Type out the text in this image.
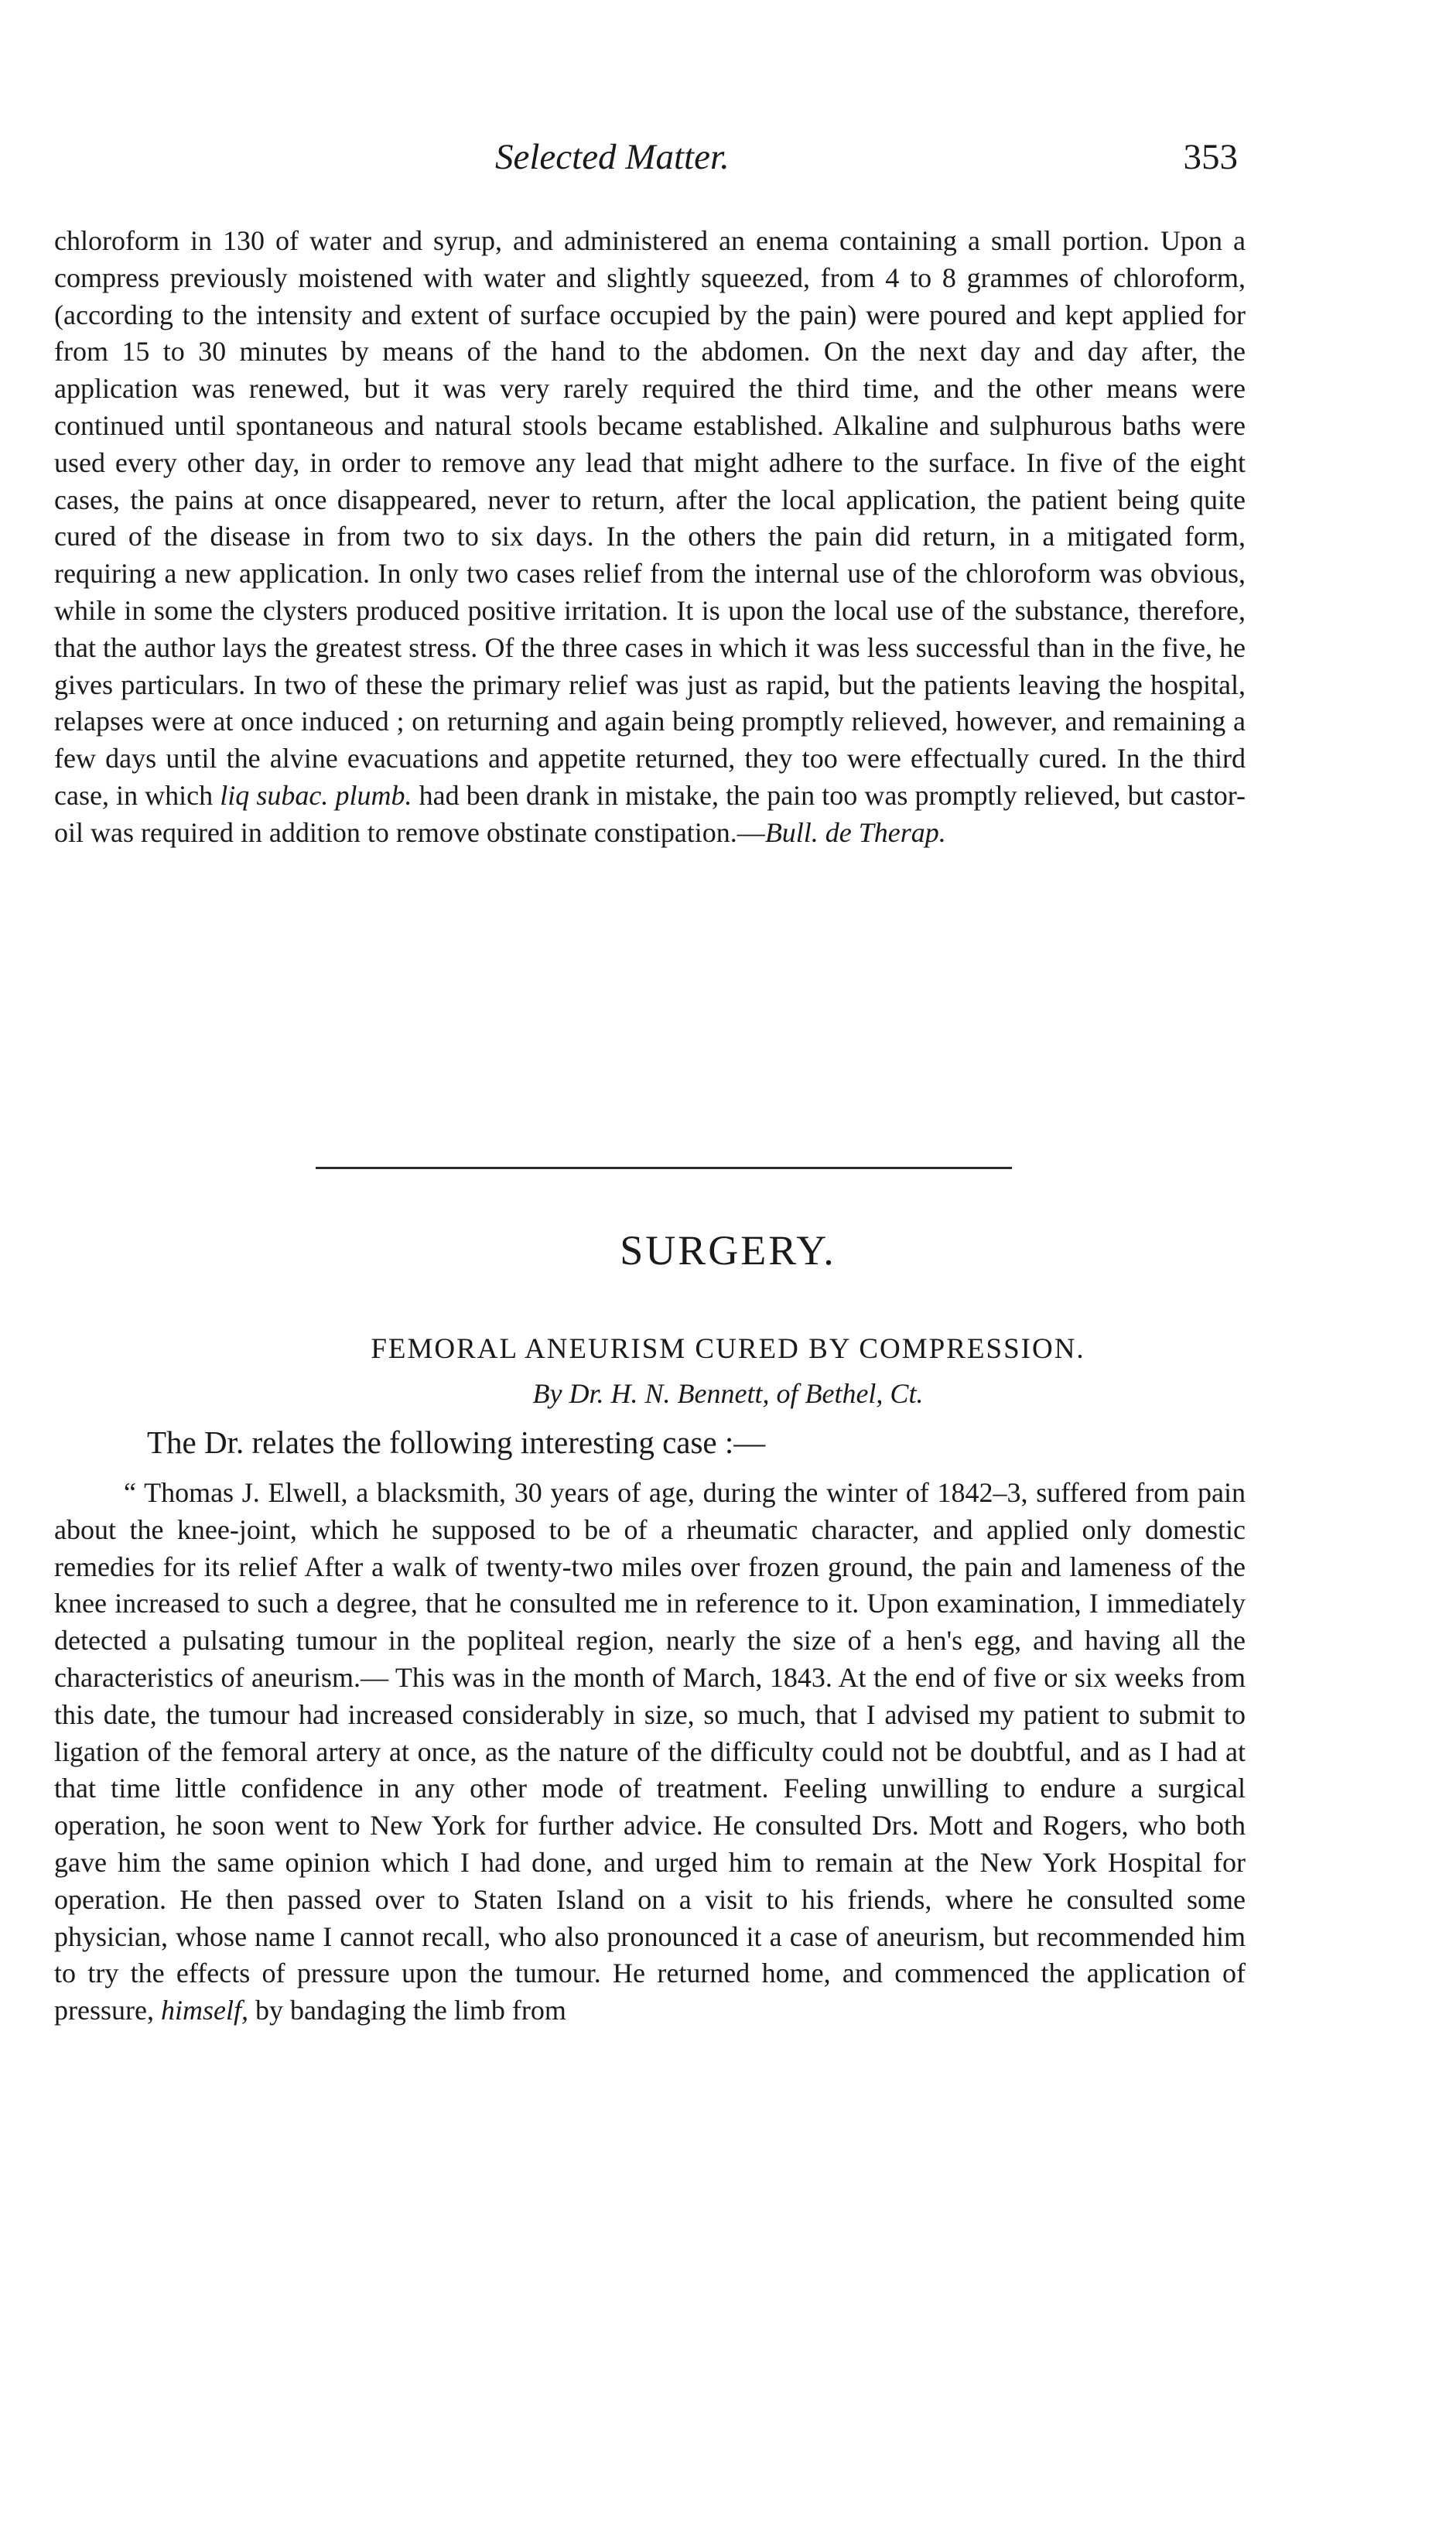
Selected Matter.	353

chloroform in 130 of water and syrup, and administered an enema containing a small portion. Upon a compress previously moistened with water and slightly squeezed, from 4 to 8 grammes of chloroform, (according to the intensity and extent of surface occupied by the pain) were poured and kept applied for from 15 to 30 minutes by means of the hand to the abdomen. On the next day and day after, the application was renewed, but it was very rarely required the third time, and the other means were continued until spontaneous and natural stools became established. Alkaline and sulphurous baths were used every other day, in order to remove any lead that might adhere to the surface. In five of the eight cases, the pains at once disappeared, never to return, after the local application, the patient being quite cured of the disease in from two to six days. In the others the pain did return, in a mitigated form, requiring a new application. In only two cases relief from the internal use of the chloroform was obvious, while in some the clysters produced positive irritation. It is upon the local use of the substance, therefore, that the author lays the greatest stress. Of the three cases in which it was less successful than in the five, he gives particulars. In two of these the primary relief was just as rapid, but the patients leaving the hospital, relapses were at once induced ; on returning and again being promptly relieved, however, and remaining a few days until the alvine evacuations and appetite returned, they too were effectually cured. In the third case, in which liq subac. plumb. had been drank in mistake, the pain too was promptly relieved, but castor-oil was required in addition to remove obstinate constipation.—Bull. de Therap.

SURGERY.
FEMORAL ANEURISM CURED BY COMPRESSION.
By Dr. H. N. Bennett, of Bethel, Ct.
The Dr. relates the following interesting case :—

“ Thomas J. Elwell, a blacksmith, 30 years of age, during the winter of 1842–3, suffered from pain about the knee-joint, which he supposed to be of a rheumatic character, and applied only domestic remedies for its relief After a walk of twenty-two miles over frozen ground, the pain and lameness of the knee increased to such a degree, that he consulted me in reference to it. Upon examination, I immediately detected a pulsating tumour in the popliteal region, nearly the size of a hen's egg, and having all the characteristics of aneurism.— This was in the month of March, 1843. At the end of five or six weeks from this date, the tumour had increased considerably in size, so much, that I advised my patient to submit to ligation of the femoral artery at once, as the nature of the difficulty could not be doubtful, and as I had at that time little confidence in any other mode of treatment. Feeling unwilling to endure a surgical operation, he soon went to New York for further advice. He consulted Drs. Mott and Rogers, who both gave him the same opinion which I had done, and urged him to remain at the New York Hospital for operation. He then passed over to Staten Island on a visit to his friends, where he consulted some physician, whose name I cannot recall, who also pronounced it a case of aneurism, but recommended him to try the effects of pressure upon the tumour. He returned home, and commenced the application of pressure, himself, by bandaging the limb from
